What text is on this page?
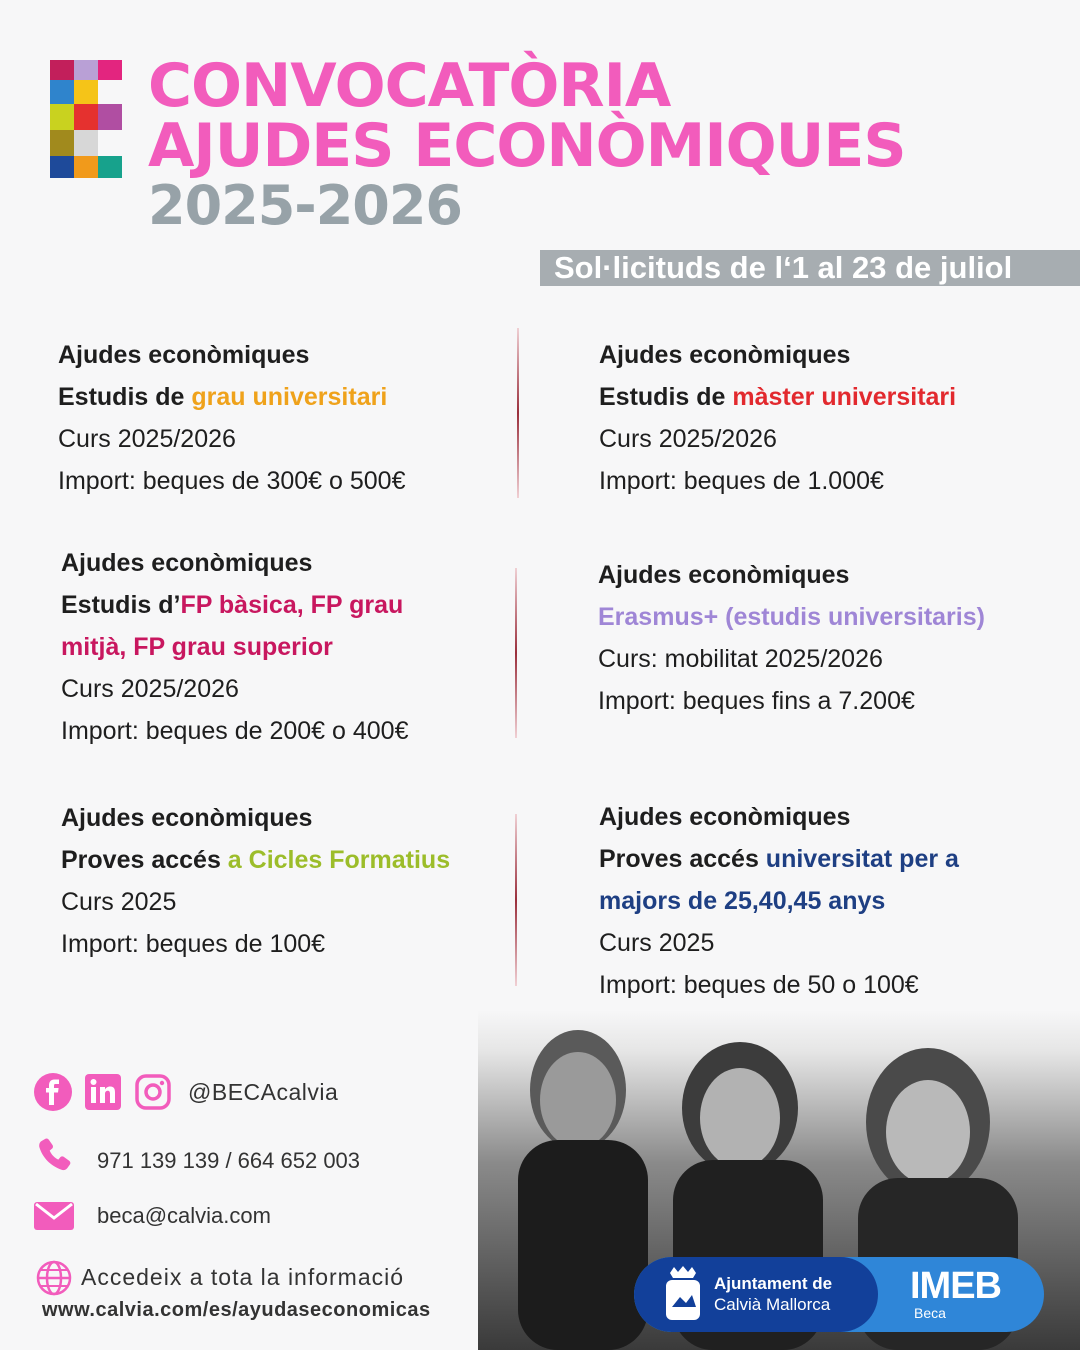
CONVOCATÒRIA
AJUDES ECONÒMIQUES
2025-2026
Sol·licituds de l‘1 al 23 de juliol
Ajudes econòmiques
Estudis de grau universitari
Curs 2025/2026
Import: beques de 300€ o 500€
Ajudes econòmiques
Estudis de màster universitari
Curs 2025/2026
Import: beques de 1.000€
Ajudes econòmiques
Estudis d’FP bàsica, FP grau
mitjà, FP grau superior
Curs 2025/2026
Import: beques de 200€ o 400€
Ajudes econòmiques
Erasmus+ (estudis universitaris)
Curs: mobilitat 2025/2026
Import: beques fins a 7.200€
Ajudes econòmiques
Proves accés a Cicles Formatius
Curs 2025
Import: beques de 100€
Ajudes econòmiques
Proves accés universitat per a
majors de 25,40,45 anys
Curs 2025
Import: beques de 50 o 100€
@BECAcalvia
971 139 139 / 664 652 003
beca@calvia.com
Accedeix a tota la informació
www.calvia.com/es/ayudaseconomicas
Ajuntament de
Calvià Mallorca IMEB
Beca
